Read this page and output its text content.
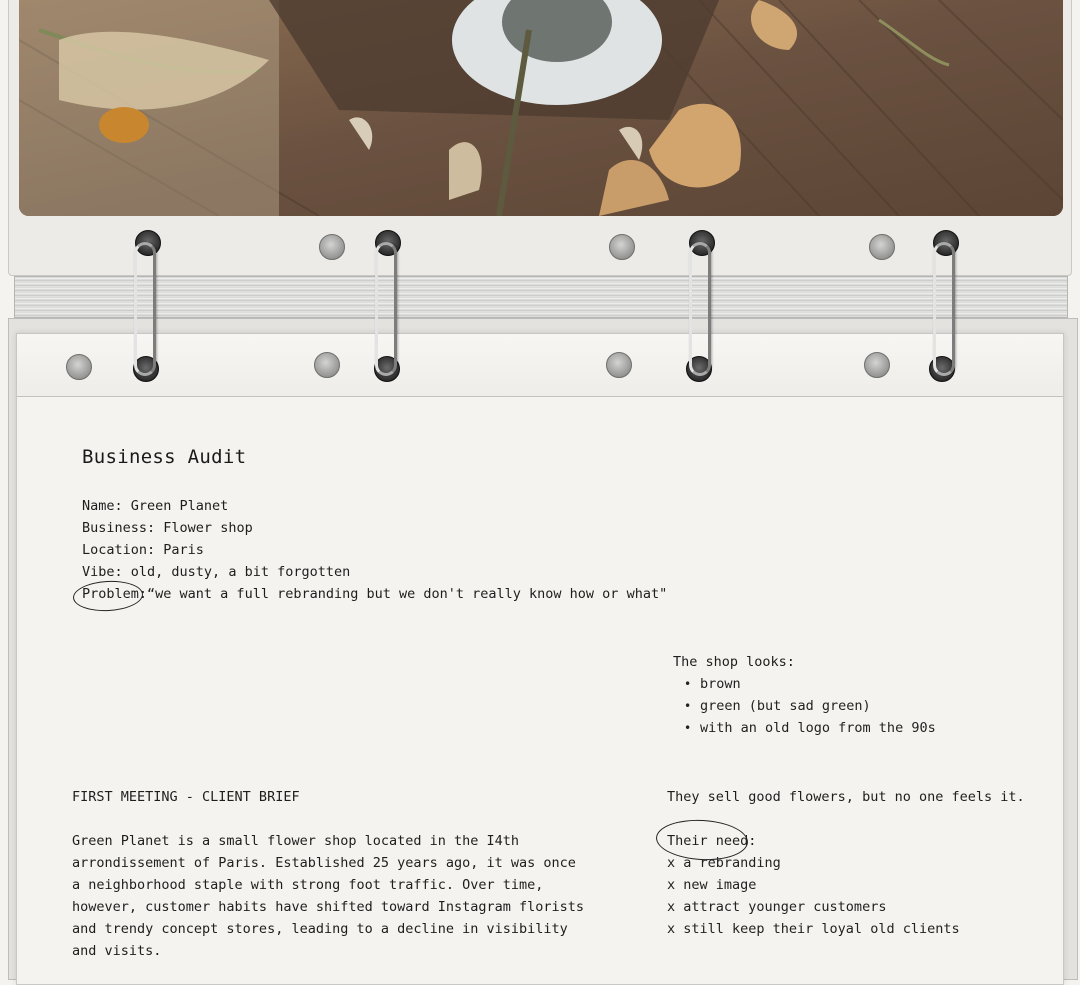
Business Audit
Name: Green Planet
Business: Flower shop
Location: Paris
Vibe: old, dusty, a bit forgotten
Problem:“we want a full rebranding but we don't really know how or what"
The shop looks:
• brown
• green (but sad green)
• with an old logo from the 90s
FIRST MEETING - CLIENT BRIEF
Green Planet is a small flower shop located in the I4th arrondissement of Paris. Established 25 years ago, it was once a neighborhood staple with strong foot traffic. Over time, however, customer habits have shifted toward Instagram florists and trendy concept stores, leading to a decline in visibility and visits.
They sell good flowers, but no one feels it.
Their need:
x a rebranding
x new image
x attract younger customers
x still keep their loyal old clients
